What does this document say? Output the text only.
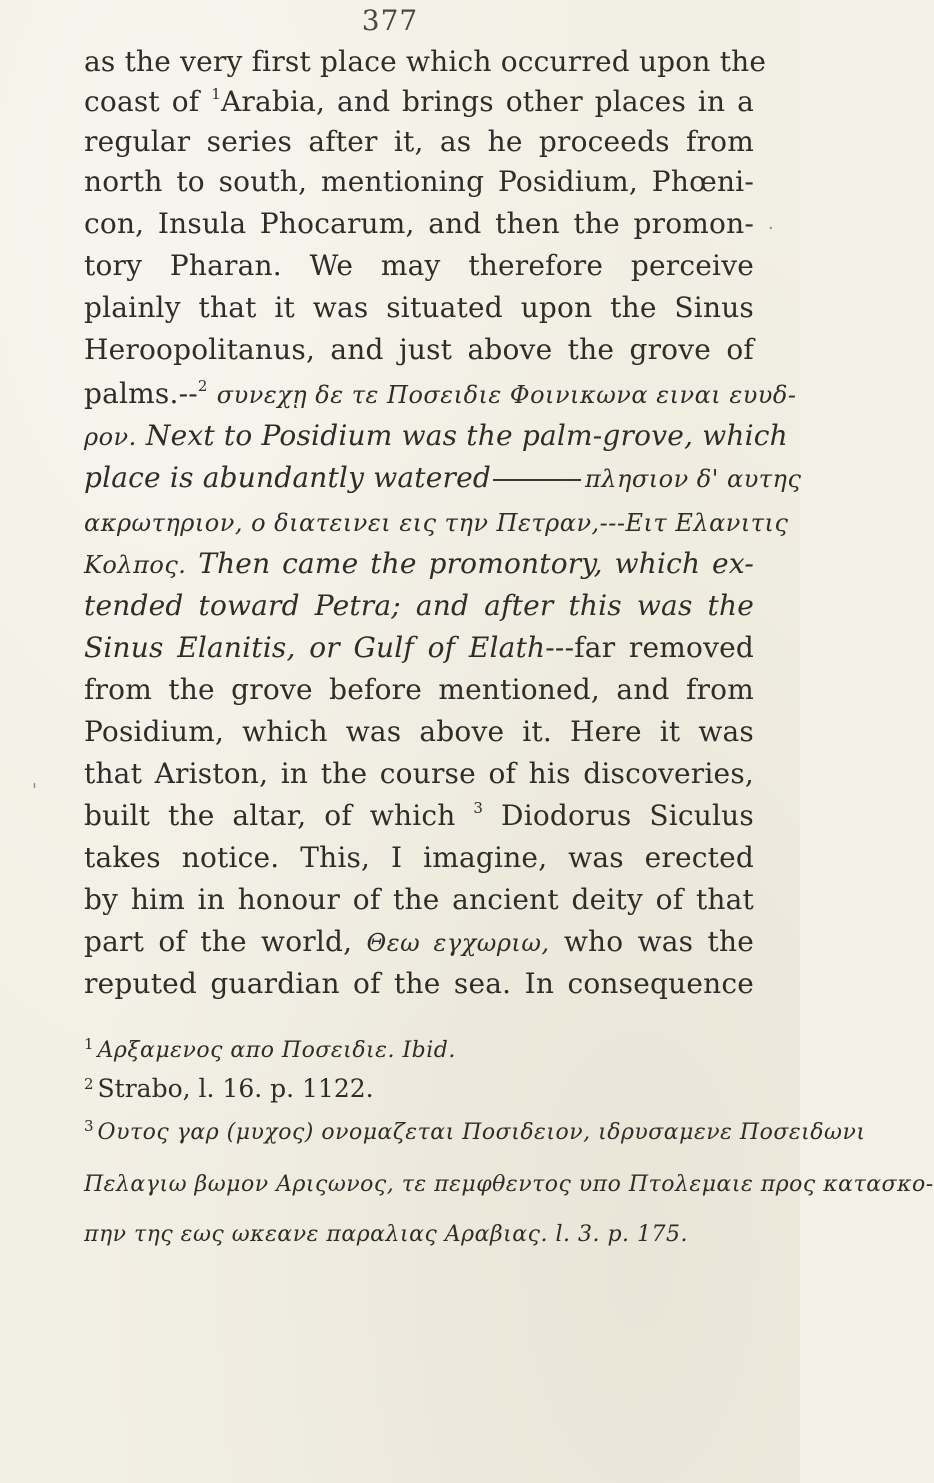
377
as the very first place which occurred upon the
coast of $^1$Arabia, and brings other places in a
regular series after it, as he proceeds from
north to south, mentioning Posidium, Phœni-
con, Insula Phocarum, and then the promon-
tory Pharan. We may therefore perceive
plainly that it was situated upon the Sinus
Heroopolitanus, and just above the grove of
palms.--$^2$ συνεχῃ δε τε Ποσειδιε Φοινικωνα ειναι ευυδ-
ρον. Next to Posidium was the palm-grove, which
place is abundantly watered	πλησιον δ' αυτης
ακρωτηριον, ο διατεινει εις την Πετραν,---Ειτ Ελανιτις
Κολπος. Then came the promontory, which ex-
tended toward Petra; and after this was the
Sinus Elanitis, or Gulf of Elath---far removed
from the grove before mentioned, and from
Posidium, which was above it. Here it was
that Ariston, in the course of his discoveries,
built the altar, of which $^3$ Diodorus Siculus
takes notice. This, I imagine, was erected
by him in honour of the ancient deity of that
part of the world, Θεω εγχωριω, who was the
reputed guardian of the sea. In consequence
$^1$ Αρξαμενος απο Ποσειδιε. Ibid.
$^2$ Strabo, l. 16. p. 1122.
$^3$ Ουτος γαρ (μυχος) ονομαζεται Ποσιδειον, ιδρυσαμενε Ποσειδωνι
Πελαγιω βωμον Αριςωνος, τε πεμφθεντος υπο Πτολεμαιε προς κατασκο-
πην της εως ωκεανε παραλιας Αραβιας. l. 3. p. 175.
'
·
